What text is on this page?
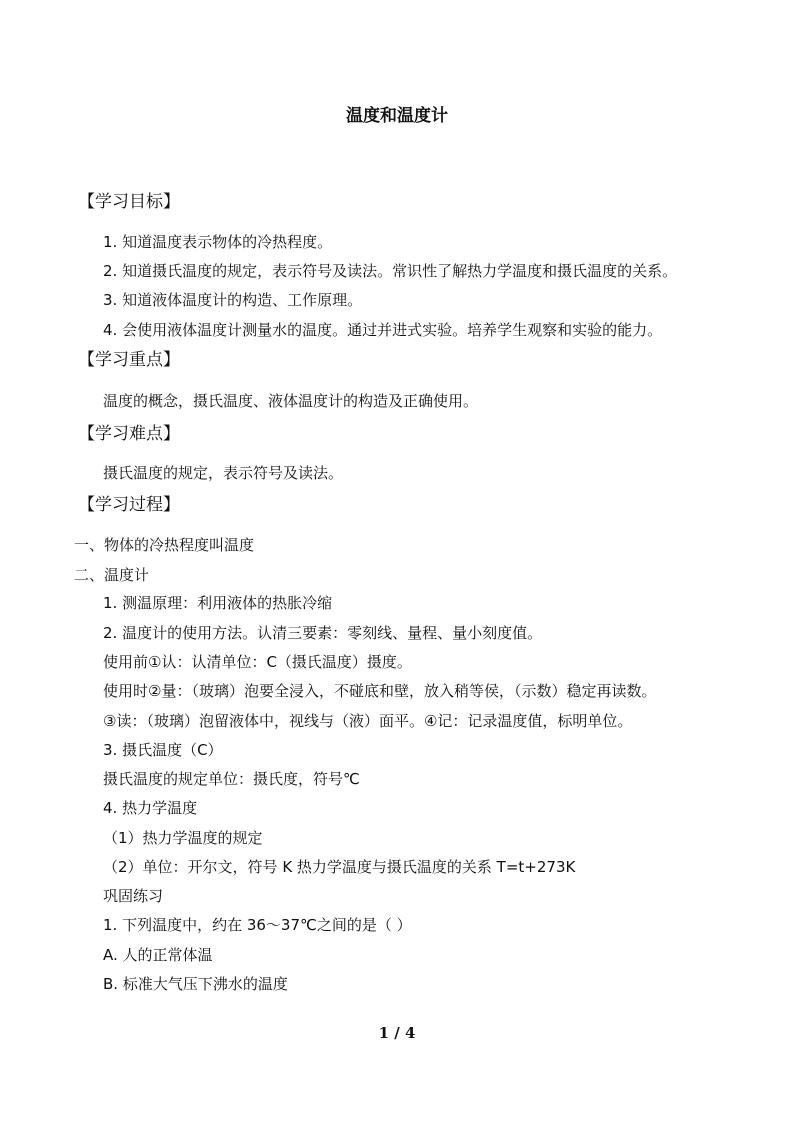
温度和温度计
【学习目标】
1. 知道温度表示物体的冷热程度。
2. 知道摄氏温度的规定，表示符号及读法。常识性了解热力学温度和摄氏温度的关系。
3. 知道液体温度计的构造、工作原理。
4. 会使用液体温度计测量水的温度。通过并进式实验。培养学生观察和实验的能力。
【学习重点】
温度的概念，摄氏温度、液体温度计的构造及正确使用。
【学习难点】
摄氏温度的规定，表示符号及读法。
【学习过程】
一、物体的冷热程度叫温度
二、温度计
1. 测温原理：利用液体的热胀冷缩
2. 温度计的使用方法。认清三要素：零刻线、量程、量小刻度值。
使用前①认：认清单位：C（摄氏温度）摄度。
使用时②量：（玻璃）泡要全浸入，不碰底和壁，放入稍等侯，（示数）稳定再读数。
③读：（玻璃）泡留液体中，视线与（液）面平。④记：记录温度值，标明单位。
3. 摄氏温度（C）
摄氏温度的规定单位：摄氏度，符号℃
4. 热力学温度
（1）热力学温度的规定
（2）单位：开尔文，符号 K 热力学温度与摄氏温度的关系 T=t+273K
巩固练习
1. 下列温度中，约在 36～37℃之间的是（ ）
A. 人的正常体温
B. 标准大气压下沸水的温度
1 / 4
